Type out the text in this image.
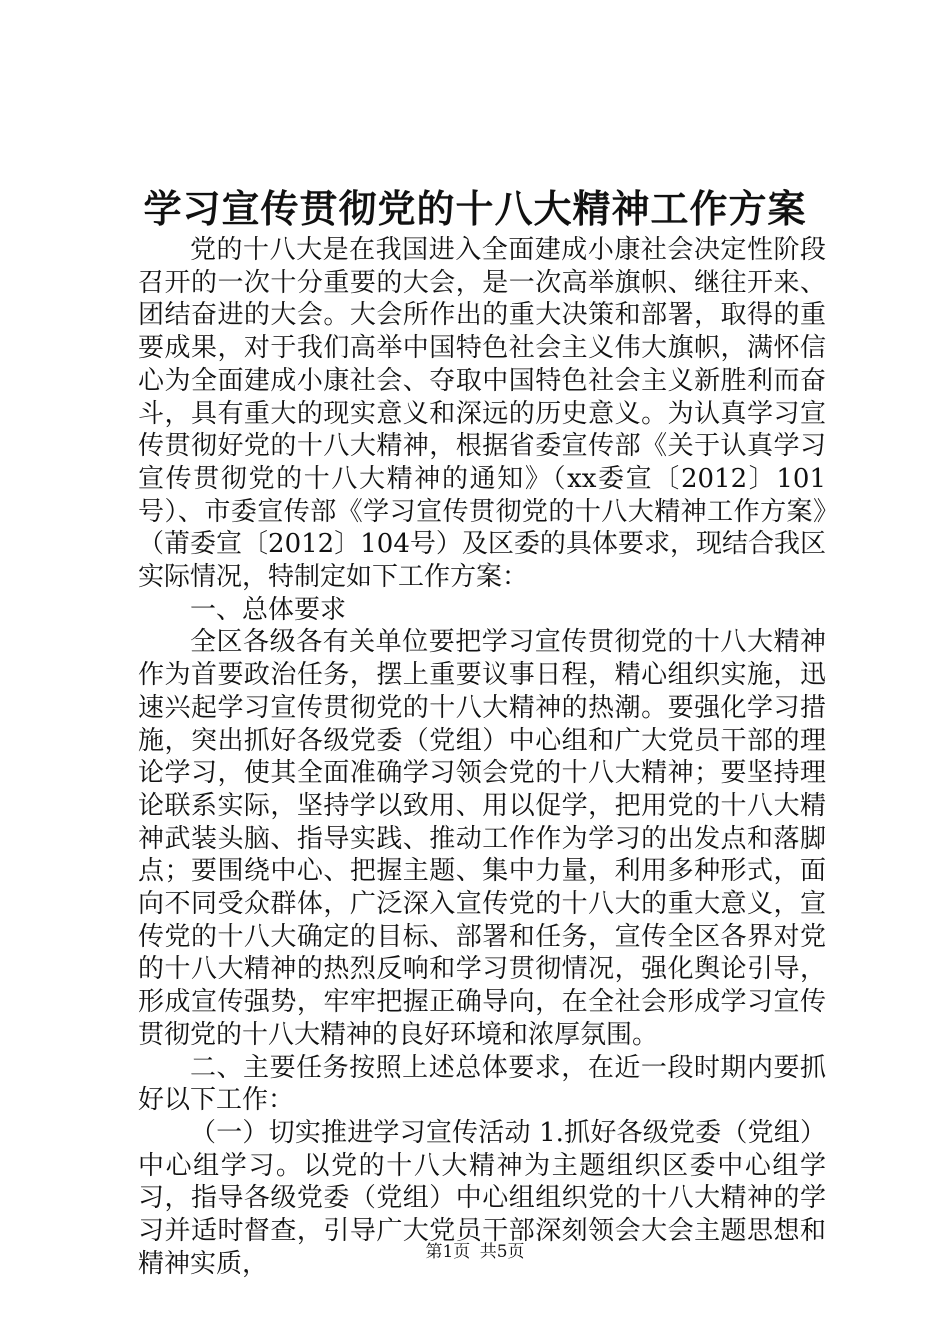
学习宣传贯彻党的十八大精神工作方案

党的十八大是在我国进入全面建成小康社会决定性阶段召开的一次十分重要的大会，是一次高举旗帜、继往开来、团结奋进的大会。大会所作出的重大决策和部署，取得的重要成果，对于我们高举中国特色社会主义伟大旗帜，满怀信心为全面建成小康社会、夺取中国特色社会主义新胜利而奋斗，具有重大的现实意义和深远的历史意义。为认真学习宣传贯彻好党的十八大精神，根据省委宣传部《关于认真学习宣传贯彻党的十八大精神的通知》（xx委宣〔2012〕101号）、市委宣传部《学习宣传贯彻党的十八大精神工作方案》（莆委宣〔2012〕104号）及区委的具体要求，现结合我区实际情况，特制定如下工作方案：

一、总体要求

全区各级各有关单位要把学习宣传贯彻党的十八大精神作为首要政治任务，摆上重要议事日程，精心组织实施，迅速兴起学习宣传贯彻党的十八大精神的热潮。要强化学习措施，突出抓好各级党委（党组）中心组和广大党员干部的理论学习，使其全面准确学习领会党的十八大精神；要坚持理论联系实际，坚持学以致用、用以促学，把用党的十八大精神武装头脑、指导实践、推动工作作为学习的出发点和落脚点；要围绕中心、把握主题、集中力量，利用多种形式，面向不同受众群体，广泛深入宣传党的十八大的重大意义，宣传党的十八大确定的目标、部署和任务，宣传全区各界对党的十八大精神的热烈反响和学习贯彻情况，强化舆论引导，形成宣传强势，牢牢把握正确导向，在全社会形成学习宣传贯彻党的十八大精神的良好环境和浓厚氛围。

二、主要任务按照上述总体要求，在近一段时期内要抓好以下工作：

（一）切实推进学习宣传活动 1.抓好各级党委（党组）中心组学习。以党的十八大精神为主题组织区委中心组学习，指导各级党委（党组）中心组组织党的十八大精神的学习并适时督查，引导广大党员干部深刻领会大会主题思想和精神实质，	第1页 共5页
